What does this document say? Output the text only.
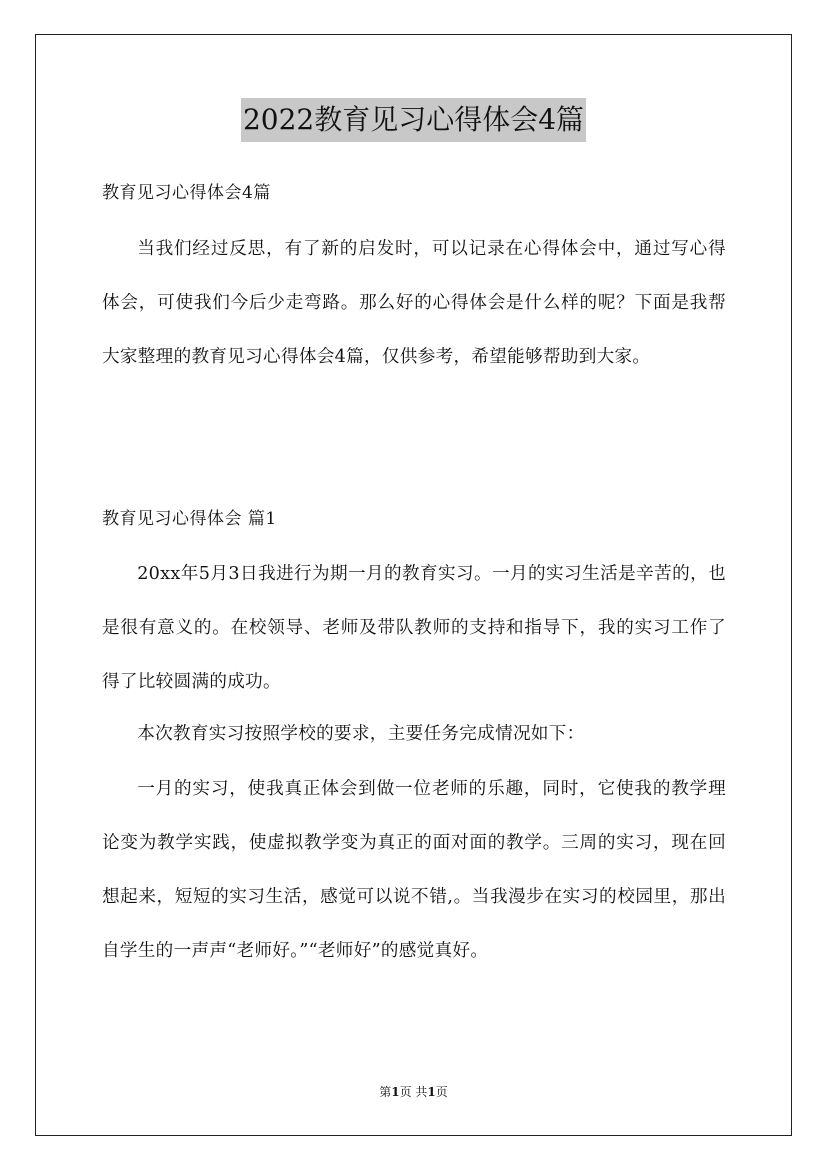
2022教育见习心得体会4篇
教育见习心得体会4篇

当我们经过反思，有了新的启发时，可以记录在心得体会中，通过写心得体会，可使我们今后少走弯路。那么好的心得体会是什么样的呢？下面是我帮大家整理的教育见习心得体会4篇，仅供参考，希望能够帮助到大家。

教育见习心得体会 篇1

20xx年5月3日我进行为期一月的教育实习。一月的实习生活是辛苦的，也是很有意义的。在校领导、老师及带队教师的支持和指导下，我的实习工作了得了比较圆满的成功。

本次教育实习按照学校的要求，主要任务完成情况如下：

一月的实习，使我真正体会到做一位老师的乐趣，同时，它使我的教学理论变为教学实践，使虚拟教学变为真正的面对面的教学。三周的实习，现在回想起来，短短的实习生活，感觉可以说不错,。当我漫步在实习的校园里，那出自学生的一声声“老师好。”“老师好”的感觉真好。

第1页 共1页
